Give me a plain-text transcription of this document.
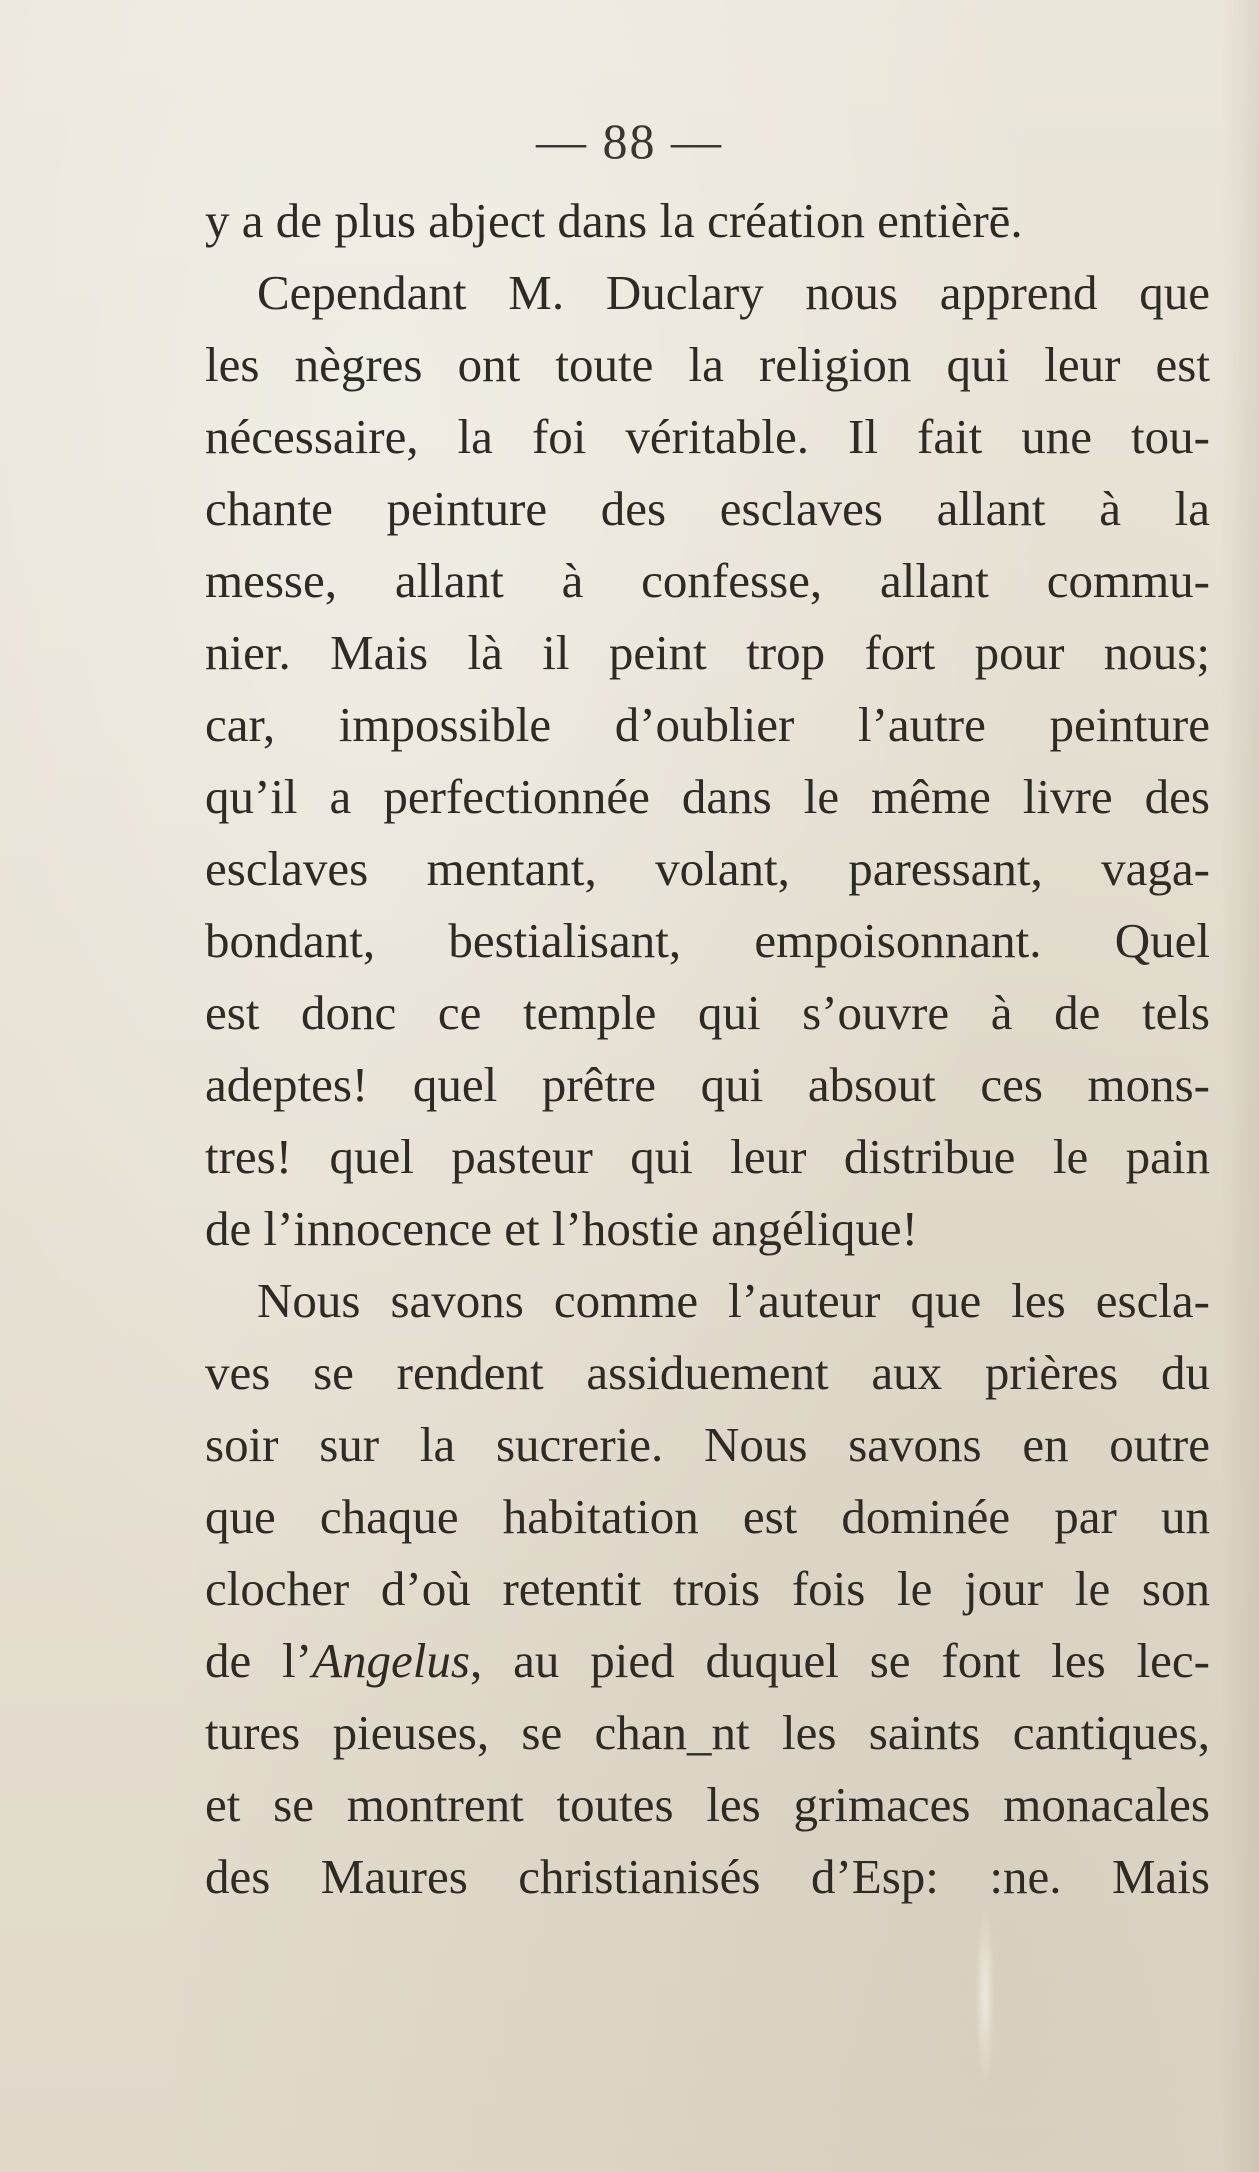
— 88 —
y a de plus abject dans la création entièrē.
Cependant M. Duclary nous apprend que
les nègres ont toute la religion qui leur est
nécessaire, la foi véritable. Il fait une tou-
chante peinture des esclaves allant à la
messe, allant à confesse, allant commu-
nier. Mais là il peint trop fort pour nous;
car, impossible d’oublier l’autre peinture
qu’il a perfectionnée dans le même livre des
esclaves mentant, volant, paressant, vaga-
bondant, bestialisant, empoisonnant. Quel
est donc ce temple qui s’ouvre à de tels
adeptes! quel prêtre qui absout ces mons-
tres! quel pasteur qui leur distribue le pain
de l’innocence et l’hostie angélique!
Nous savons comme l’auteur que les escla-
ves se rendent assiduement aux prières du
soir sur la sucrerie. Nous savons en outre
que chaque habitation est dominée par un
clocher d’où retentit trois fois le jour le son
de l’Angelus, au pied duquel se font les lec-
tures pieuses, se chan_nt les saints cantiques,
et se montrent toutes les grimaces monacales
des Maures christianisés d’Esp: :ne. Mais
